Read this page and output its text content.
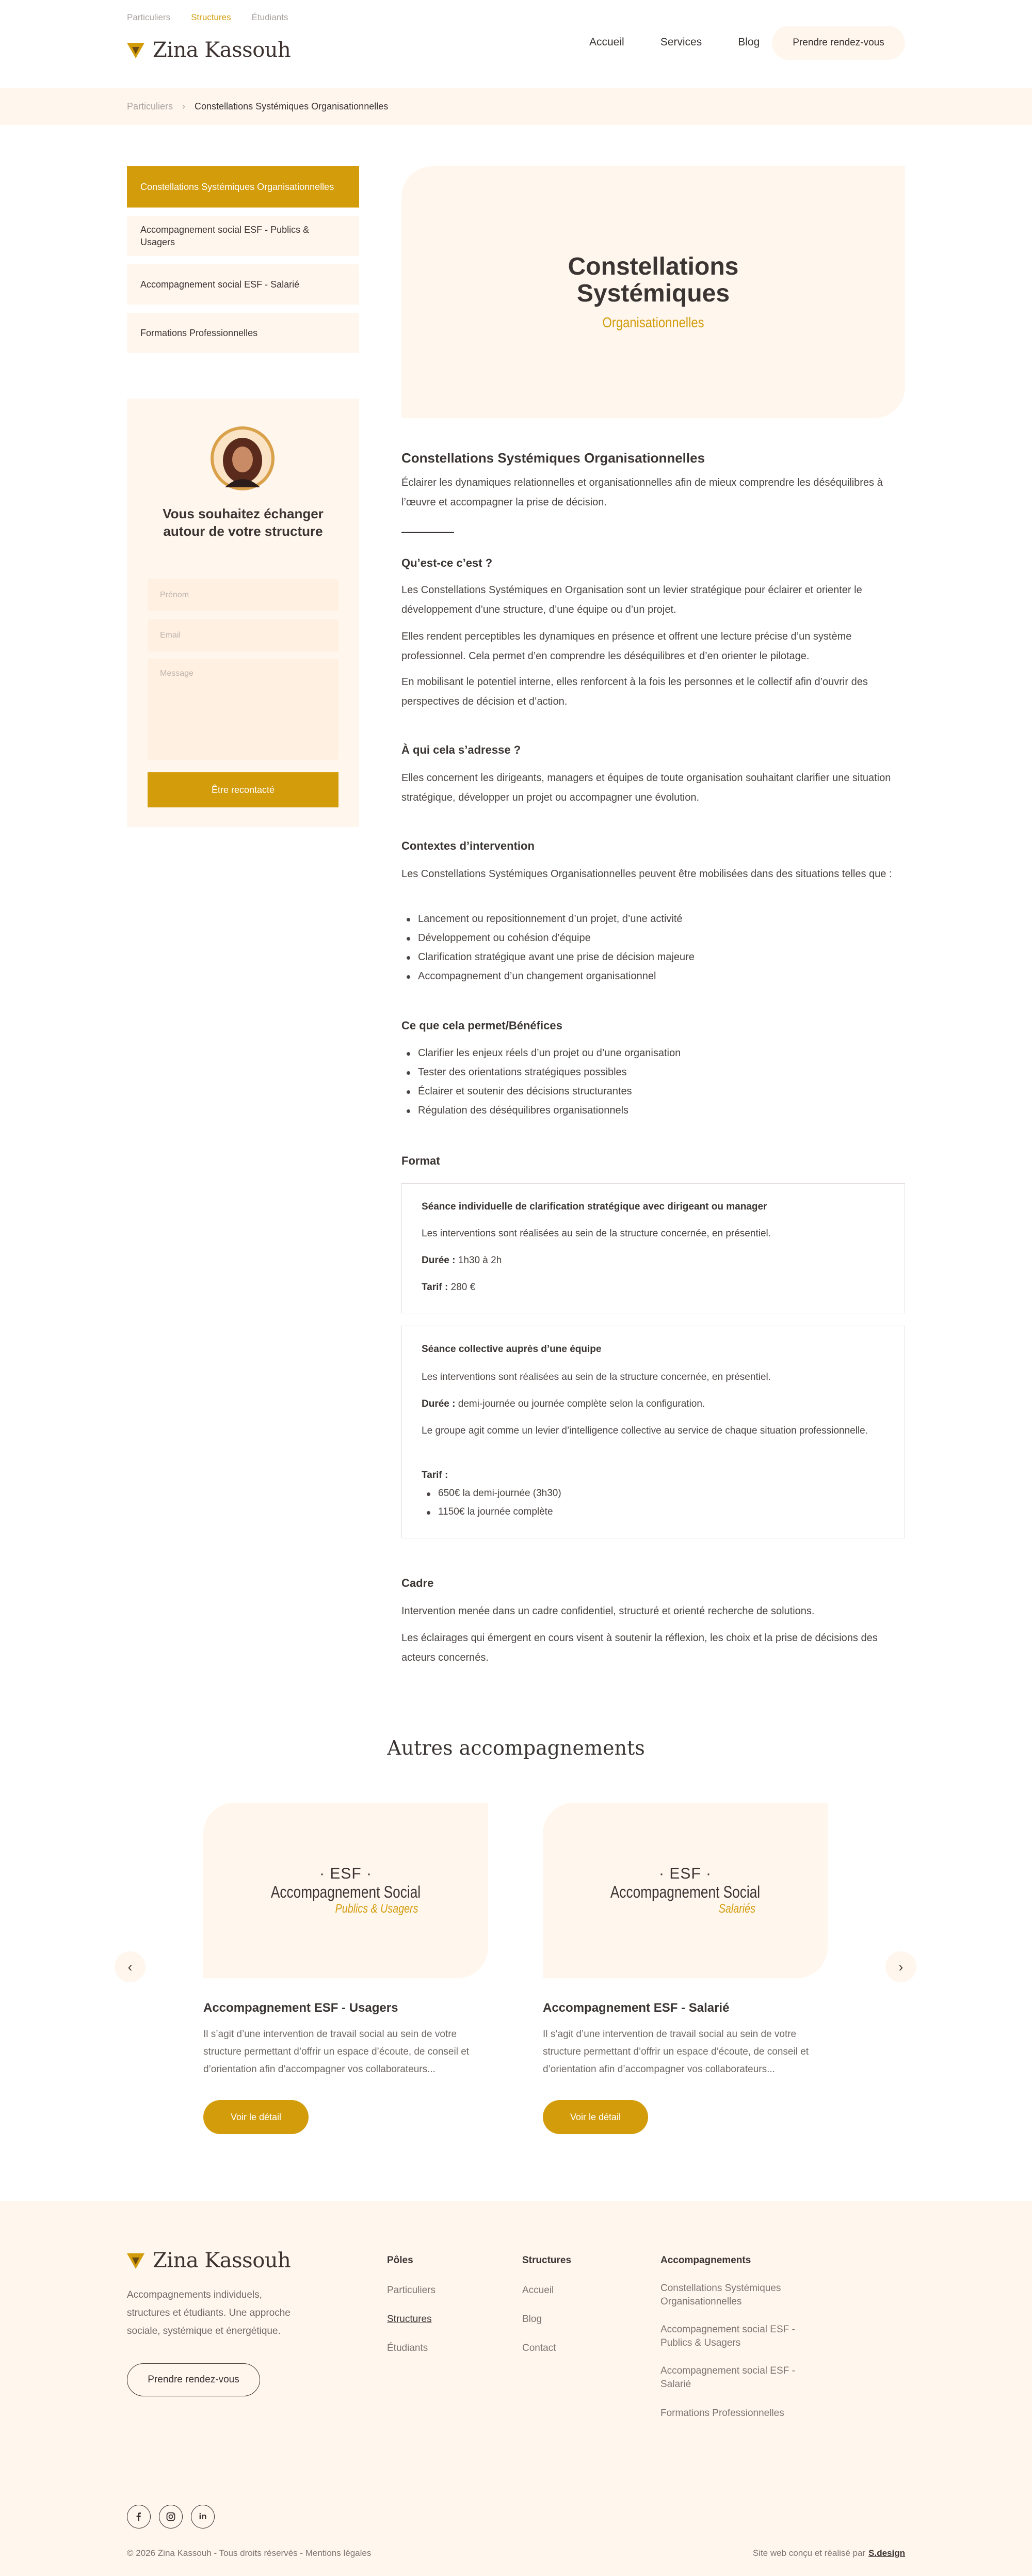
Particuliers Structures Étudiants
Zina Kassouh	Accueil	Services	Blog	Prendre rendez-vous
Particuliers › Constellations Systémiques Organisationnelles
Constellations Systémiques Organisationnelles
Accompagnement social ESF - Publics & Usagers
Accompagnement social ESF - Salarié
Formations Professionnelles
Vous souhaitez échanger autour de votre structure
Prénom
Email
Message
Être recontacté
Constellations Systémiques
Organisationnelles
Constellations Systémiques Organisationnelles
Éclairer les dynamiques relationnelles et organisationnelles afin de mieux comprendre les déséquilibres à l’œuvre et accompagner la prise de décision.
Qu’est-ce c’est ?
Les Constellations Systémiques en Organisation sont un levier stratégique pour éclairer et orienter le développement d’une structure, d’une équipe ou d’un projet.
Elles rendent perceptibles les dynamiques en présence et offrent une lecture précise d’un système professionnel. Cela permet d’en comprendre les déséquilibres et d’en orienter le pilotage.
En mobilisant le potentiel interne, elles renforcent à la fois les personnes et le collectif afin d’ouvrir des perspectives de décision et d’action.
À qui cela s’adresse ?
Elles concernent les dirigeants, managers et équipes de toute organisation souhaitant clarifier une situation stratégique, développer un projet ou accompagner une évolution.
Contextes d’intervention
Les Constellations Systémiques Organisationnelles peuvent être mobilisées dans des situations telles que :
Lancement ou repositionnement d’un projet, d’une activité
Développement ou cohésion d’équipe
Clarification stratégique avant une prise de décision majeure
Accompagnement d’un changement organisationnel
Ce que cela permet/Bénéfices
Clarifier les enjeux réels d’un projet ou d’une organisation
Tester des orientations stratégiques possibles
Éclairer et soutenir des décisions structurantes
Régulation des déséquilibres organisationnels
Format
Séance individuelle de clarification stratégique avec dirigeant ou manager
Les interventions sont réalisées au sein de la structure concernée, en présentiel.
Durée : 1h30 à 2h
Tarif : 280 €
Séance collective auprès d’une équipe
Les interventions sont réalisées au sein de la structure concernée, en présentiel.
Durée : demi-journée ou journée complète selon la configuration.
Le groupe agit comme un levier d’intelligence collective au service de chaque situation professionnelle.
Tarif :
650€ la demi-journée (3h30)
1150€ la journée complète
Cadre
Intervention menée dans un cadre confidentiel, structuré et orienté recherche de solutions.
Les éclairages qui émergent en cours visent à soutenir la réflexion, les choix et la prise de décisions des acteurs concernés.
Autres accompagnements
‹	›
· ESF ·
Accompagnement Social
Publics & Usagers
Accompagnement ESF - Usagers
Il s’agit d’une intervention de travail social au sein de votre structure permettant d’offrir un espace d’écoute, de conseil et d’orientation afin d’accompagner vos collaborateurs...
Voir le détail
· ESF ·
Accompagnement Social
Salariés
Accompagnement ESF - Salarié
Il s’agit d’une intervention de travail social au sein de votre structure permettant d’offrir un espace d’écoute, de conseil et d’orientation afin d’accompagner vos collaborateurs...
Voir le détail
Zina Kassouh
Accompagnements individuels, structures et étudiants. Une approche sociale, systémique et énergétique.
Prendre rendez-vous
Pôles
Particuliers
Structures
Étudiants
Structures
Accueil
Blog
Contact
Accompagnements
Constellations Systémiques Organisationnelles
Accompagnement social ESF - Publics & Usagers
Accompagnement social ESF - Salarié
Formations Professionnelles
in
© 2026 Zina Kassouh - Tous droits réservés - Mentions légales	Site web conçu et réalisé par S.design
